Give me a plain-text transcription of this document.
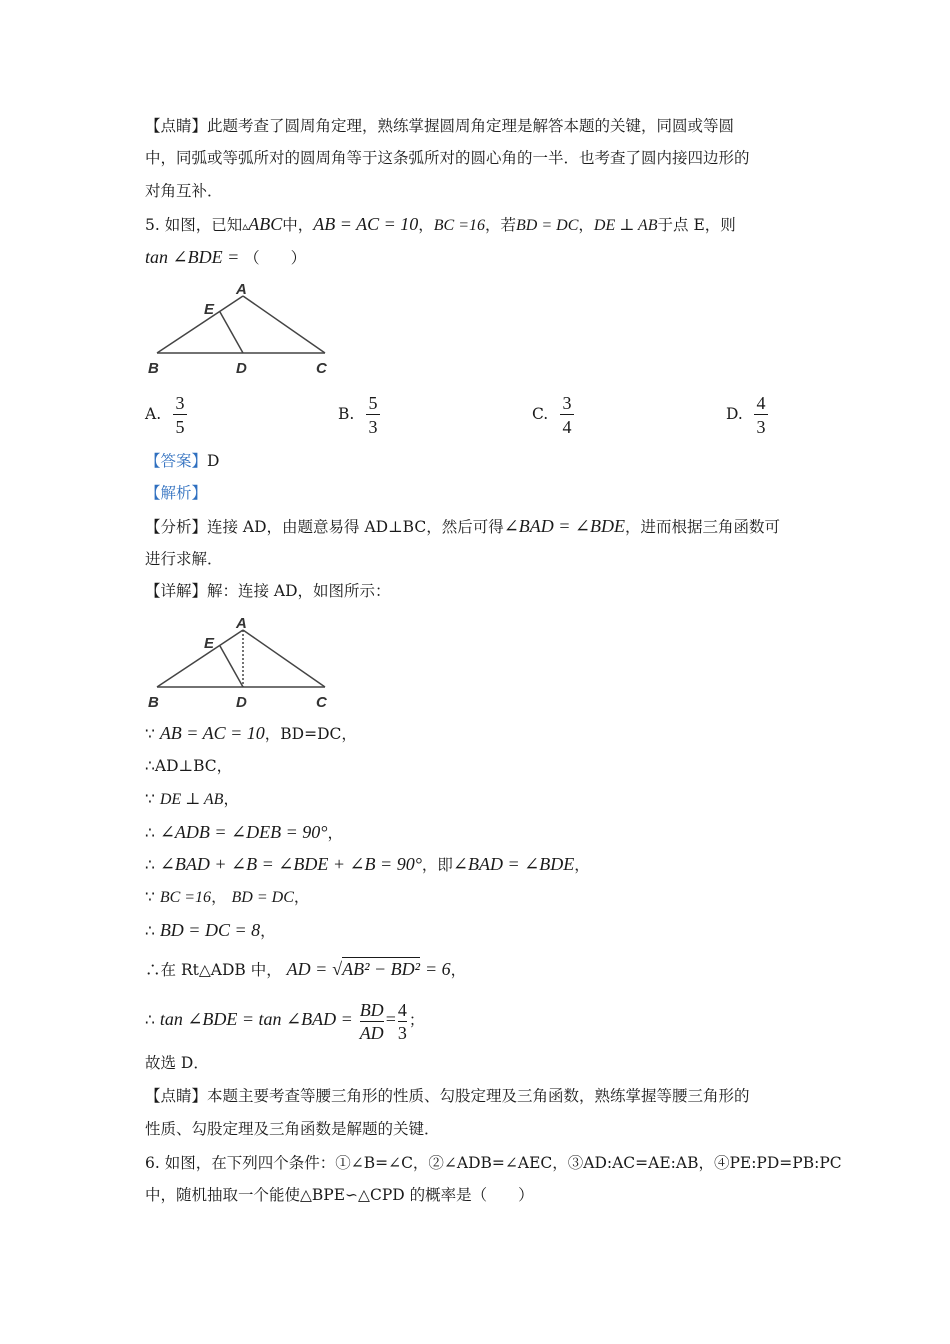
【点睛】此题考查了圆周角定理，熟练掌握圆周角定理是解答本题的关键，同圆或等圆
中，同弧或等弧所对的圆周角等于这条弧所对的圆心角的一半．也考查了圆内接四边形的
对角互补．
5. 如图，已知▵ABC中，AB = AC = 10，BC =16，若BD = DC，DE ⊥ AB于点 E，则
tan ∠BDE = （　　）
A
E
B	D	C
A. $\frac{3}{5}$	B. $\frac{5}{3}$	C. $\frac{3}{4}$	D. $\frac{4}{3}$
【答案】D
【解析】
【分析】连接 AD，由题意易得 AD⊥BC，然后可得∠BAD = ∠BDE，进而根据三角函数可
进行求解．
【详解】解：连接 AD，如图所示：
A
E
B	D	C
∵ AB = AC = 10，BD=DC，
∴AD⊥BC，
∵ DE ⊥ AB，
∴ ∠ADB = ∠DEB = 90°，
∴ ∠BAD + ∠B = ∠BDE + ∠B = 90°，即∠BAD = ∠BDE，
∵ BC =16， BD = DC，
∴ BD = DC = 8，
∴在 Rt△ADB 中， AD = √AB² − BD² = 6，
∴ tan ∠BDE = tan ∠BAD = $\frac{BD}{AD} = \frac{4}{3}$ ；
故选 D．
【点睛】本题主要考查等腰三角形的性质、勾股定理及三角函数，熟练掌握等腰三角形的
性质、勾股定理及三角函数是解题的关键．
6. 如图，在下列四个条件：①∠B=∠C，②∠ADB=∠AEC，③AD:AC=AE:AB，④PE:PD=PB:PC
中，随机抽取一个能使△BPE∽△CPD 的概率是（　　）
